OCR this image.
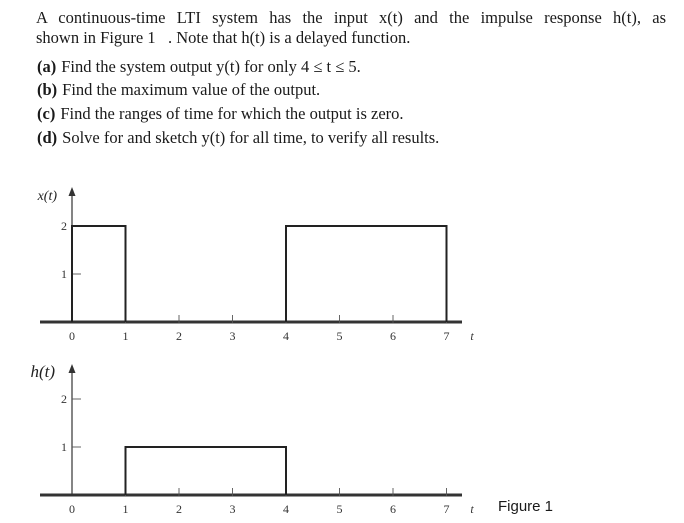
A continuous-time LTI system has the input x(t) and the impulse response h(t), as
shown in Figure 1 . Note that h(t) is a delayed function.
(a) Find the system output y(t) for only 4 ≤ t ≤ 5.
(b) Find the maximum value of the output.
(c) Find the ranges of time for which the output is zero.
(d) Solve for and sketch y(t) for all time, to verify all results.
x(t)
0	1	2	3	4	5	6	7 t
1
2
h(t)
0	1	2	3	4	5	6	7 t
1
2
Figure 1
